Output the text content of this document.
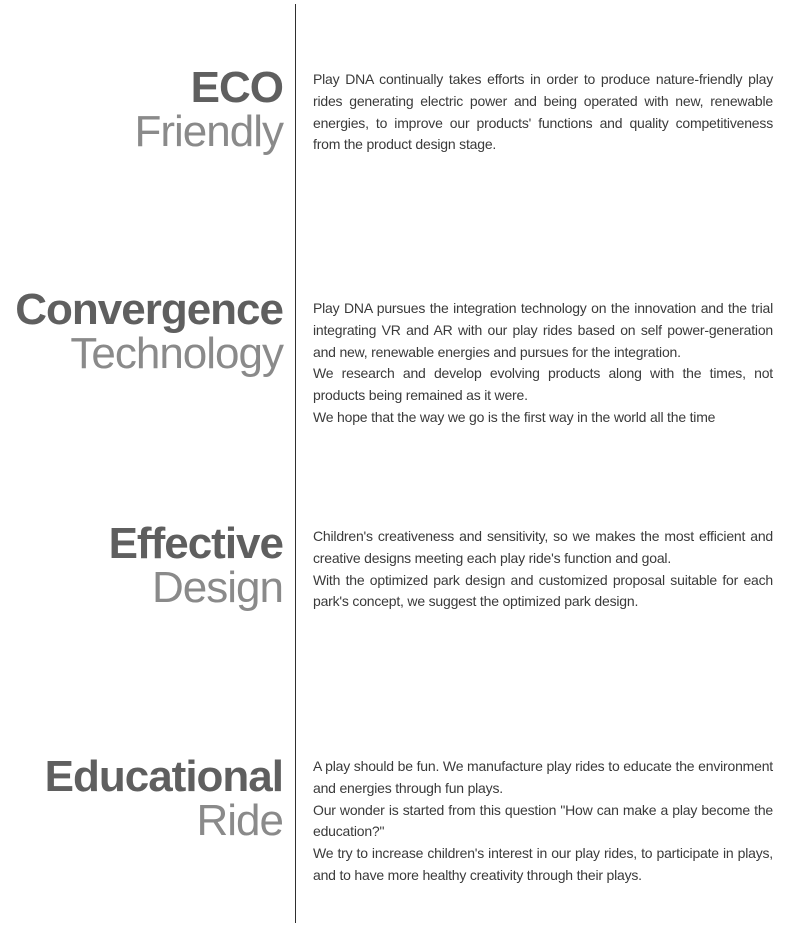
ECO
Friendly

Play DNA continually takes efforts in order to produce nature-friendly play rides generating electric power and being operated with new, renewable energies, to improve our products' functions and quality competitiveness from the product design stage.

Convergence
Technology

Play DNA pursues the integration technology on the innovation and the trial integrating VR and AR with our play rides based on self power-generation and new, renewable energies and pursues for the integration.

We research and develop evolving products along with the times, not products being remained as it were.

We hope that the way we go is the first way in the world all the time

Effective
Design

Children's creativeness and sensitivity, so we makes the most efficient and creative designs meeting each play ride's function and goal.

With the optimized park design and customized proposal suitable for each park's concept, we suggest the optimized park design.

Educational
Ride

A play should be fun. We manufacture play rides to educate the environment and energies through fun plays.

Our wonder is started from this question "How can make a play become the education?"

We try to increase children's interest in our play rides, to participate in plays, and to have more healthy creativity through their plays.
